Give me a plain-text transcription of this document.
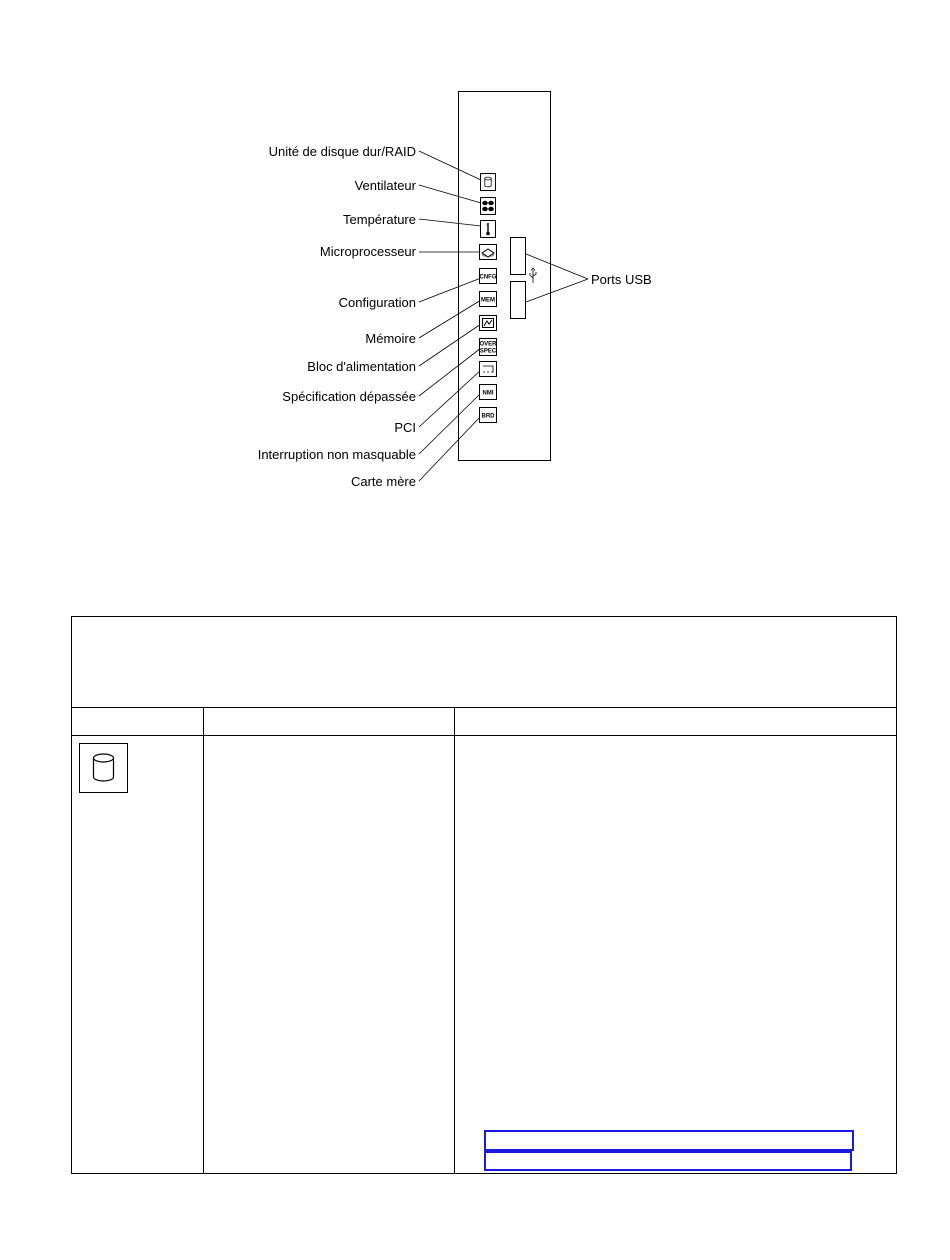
Unité de disque dur/RAID
Ventilateur
Température
Microprocesseur
Configuration
Mémoire
Bloc d'alimentation
Spécification dépassée
PCI
Interruption non masquable
Carte mère
CNFG
MEM
OVER
SPEC
NMI
BRD
Ports USB
